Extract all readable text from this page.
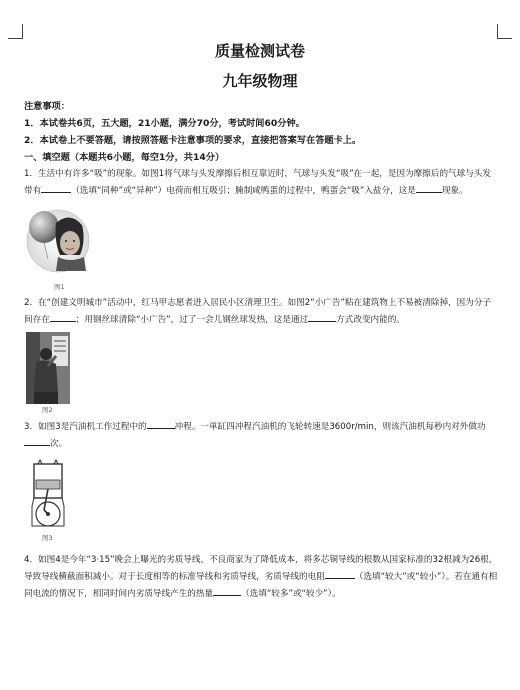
质量检测试卷
九年级物理
注意事项：
1．本试卷共6页，五大题，21小题，满分70分，考试时间60分钟。
2．本试卷上不要答题，请按照答题卡注意事项的要求，直接把答案写在答题卡上。
一、填空题（本题共6小题，每空1分，共14分）

1．生活中有许多“吸”的现象。如图1将气球与头发摩擦后相互靠近时，气球与头发“吸”在一起，是因为摩擦后的气球与头发带有	（选填“同种”或“异种”）电荷而相互吸引；腌制咸鸭蛋的过程中，鸭蛋会“吸”入盐分，这是	现象。

图1

2．在“创建文明城市”活动中，红马甲志愿者进入居民小区清理卫生。如图2“小广告”粘在建筑物上不易被清除掉，因为分子间存在	；用钢丝球清除“小广告”，过了一会儿钢丝球发热，这是通过	方式改变内能的。

图2

3．如图3是汽油机工作过程中的	冲程。一单缸四冲程汽油机的飞轮转速是3600r/min，则该汽油机每秒内对外做功次。

图3

4．如图4是今年“3·15”晚会上曝光的劣质导线，不良商家为了降低成本，将多芯铜导线的根数从国家标准的32根减为26根，导致导线横截面积减小。对于长度相等的标准导线和劣质导线，劣质导线的电阻	（选填“较大”或“较小”）。若在通有相同电流的情况下，相同时间内劣质导线产生的热量	（选填“较多”或“较少”）。
